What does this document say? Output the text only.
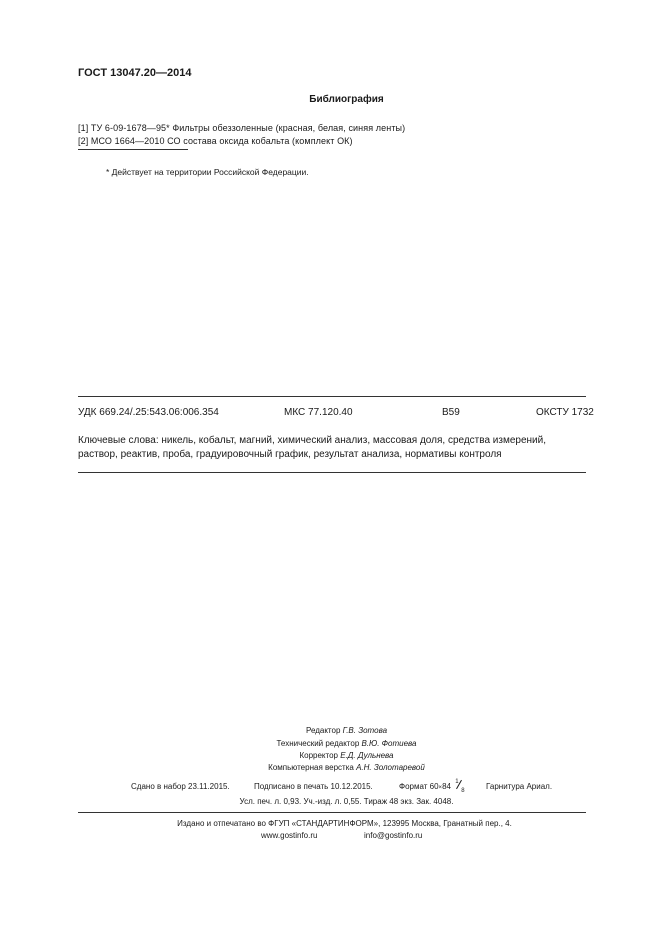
ГОСТ 13047.20—2014
Библиография
[1] ТУ 6-09-1678—95* Фильтры обеззоленные (красная, белая, синяя ленты)
[2] МСО 1664—2010 СО состава оксида кобальта (комплект ОК)
* Действует на территории Российской Федерации.
УДК 669.24/.25:543.06:006.354	МКС 77.120.40	B59	ОКСТУ 1732
Ключевые слова: никель, кобальт, магний, химический анализ, массовая доля, средства измерений, раствор, реактив, проба, градуировочный график, результат анализа, нормативы контроля
Редактор Г.В. Зотова
Технический редактор В.Ю. Фотиева
Корректор Е.Д. Дульнева
Компьютерная верстка А.Н. Золотаревой
Сдано в набор 23.11.2015.	Подписано в печать 10.12.2015.	Формат 60×84
1
8	Гарнитура Ариал.
Усл. печ. л. 0,93. Уч.-изд. л. 0,55. Тираж 48 экз. Зак. 4048.
Издано и отпечатано во ФГУП «СТАНДАРТИНФОРМ», 123995 Москва, Гранатный пер., 4.
www.gostinfo.ru	info@gostinfo.ru
